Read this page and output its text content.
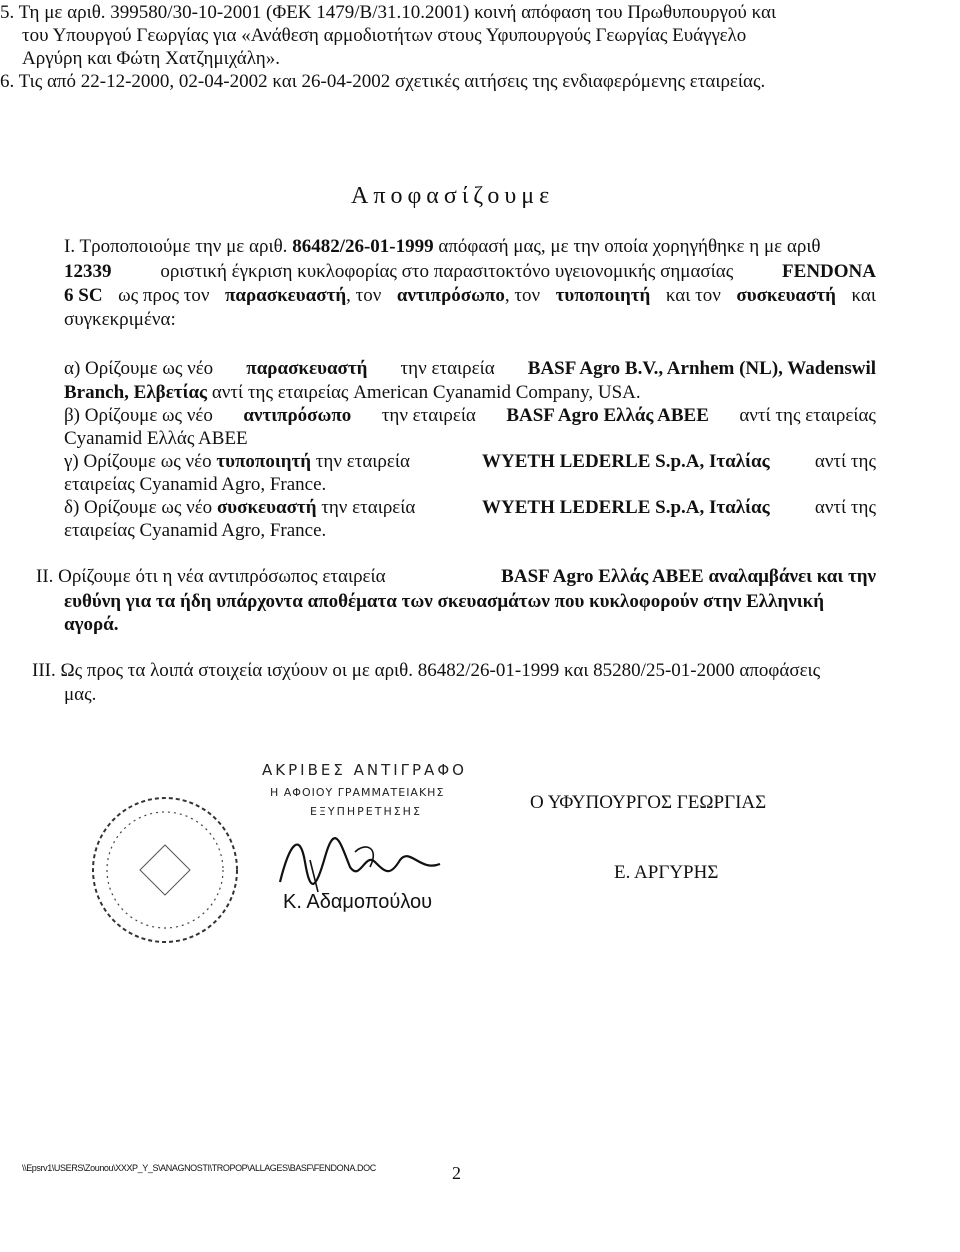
5. Τη με αριθ. 399580/30-10-2001 (ΦΕΚ 1479/Β/31.10.2001) κοινή απόφαση του Πρωθυπουργού και
του Υπουργού Γεωργίας για «Ανάθεση αρμοδιοτήτων στους Υφυπουργούς Γεωργίας Ευάγγελο
Αργύρη και Φώτη Χατζημιχάλη».
6. Τις από 22-12-2000, 02-04-2002 και 26-04-2002 σχετικές αιτήσεις της ενδιαφερόμενης εταιρείας.
Αποφασίζουμε
Ι. Τροποποιούμε την με αριθ. 86482/26-01-1999 απόφασή μας, με την οποία χορηγήθηκε η με αριθ
12339	οριστική έγκριση κυκλοφορίας στο παρασιτοκτόνο υγειονομικής σημασίας	FENDONA
6 SC ως προς τον παρασκευαστή, τον αντιπρόσωπο, τον τυποποιητή και τον συσκευαστή και
συγκεκριμένα:
α) Ορίζουμε ως νέο παρασκευαστή την εταιρεία BASF Agro B.V., Arnhem (NL), Wadenswil
Branch, Ελβετίας αντί της εταιρείας American Cyanamid Company, USA.
β) Ορίζουμε ως νέο αντιπρόσωπο την εταιρεία BASF Agro Ελλάς ΑΒΕΕ αντί της εταιρείας
Cyanamid Ελλάς ΑΒΕΕ
γ) Ορίζουμε ως νέο τυποποιητή την εταιρεία	WYETH LEDERLE S.p.A, Ιταλίας αντί της
εταιρείας Cyanamid Agro, France.
δ) Ορίζουμε ως νέο συσκευαστή την εταιρεία	WYETH LEDERLE S.p.A, Ιταλίας αντί της
εταιρείας Cyanamid Agro, France.
ΙΙ. Ορίζουμε ότι η νέα αντιπρόσωπος εταιρεία	BASF Agro Ελλάς ΑΒΕΕ αναλαμβάνει και την
ευθύνη για τα ήδη υπάρχοντα αποθέματα των σκευασμάτων που κυκλοφορούν στην Ελληνική
αγορά.
ΙΙΙ. Ως προς τα λοιπά στοιχεία ισχύουν οι με αριθ. 86482/26-01-1999 και 85280/25-01-2000 αποφάσεις
μας.
ΑΚΡΙΒΕΣ ΑΝΤΙΓΡΑΦΟ
Η ΑΦΟΙΟΥ ΓΡΑΜΜΑΤΕΙΑΚΗΣ
ΕΞΥΠΗΡΕΤΗΣΗΣ
Κ. Αδαμοπούλου
Ο ΥΦΥΠΟΥΡΓΟΣ ΓΕΩΡΓΙΑΣ
Ε. ΑΡΓΥΡΗΣ
\\Epsrv1\USERS\Zounou\XXXP_Y_S\ANAGNOSTI\TROPOP\ALLAGES\BASF\FENDONA.DOC	2
